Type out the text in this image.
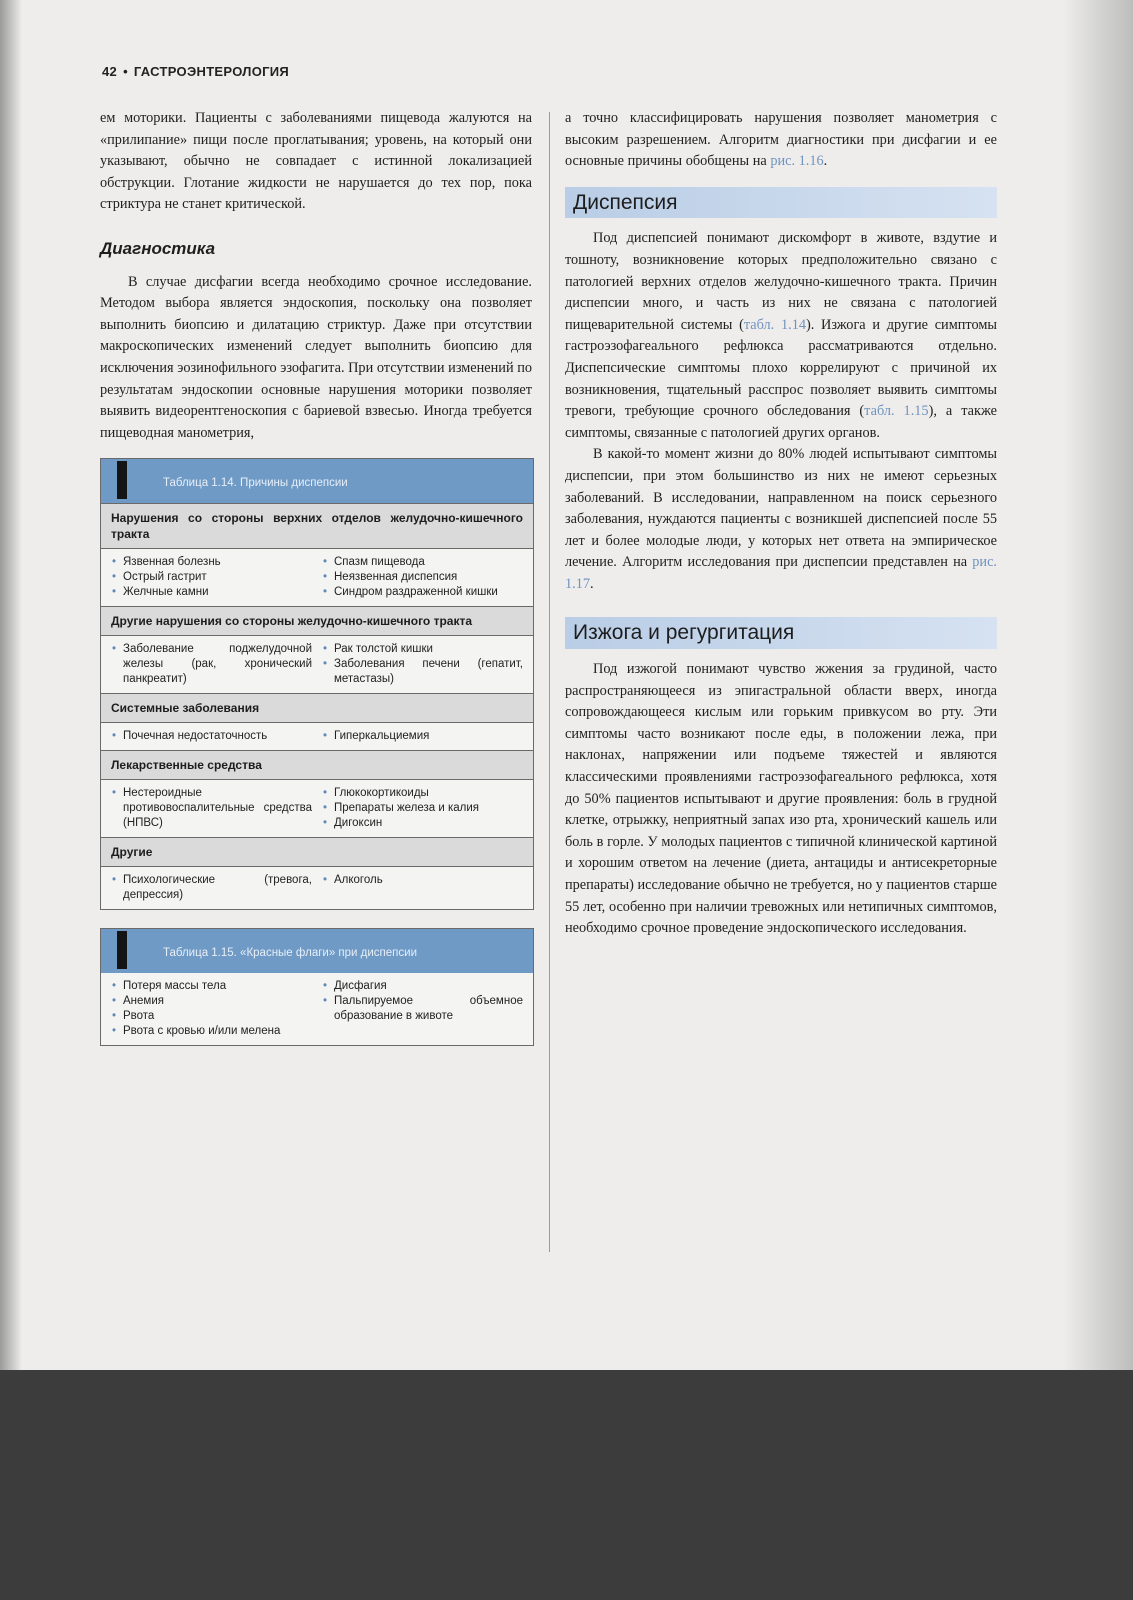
42 • ГАСТРОЭНТЕРОЛОГИЯ

ем моторики. Пациенты с заболеваниями пищевода жалуются на «прилипание» пищи после проглатывания; уровень, на который они указывают, обычно не совпадает с истинной локализацией обструкции. Глотание жидкости не нарушается до тех пор, пока стриктура не станет критической.

Диагностика

В случае дисфагии всегда необходимо срочное исследование. Методом выбора является эндоскопия, поскольку она позволяет выполнить биопсию и дилатацию стриктур. Даже при отсутствии макроскопических изменений следует выполнить биопсию для исключения эозинофильного эзофагита. При отсутствии изменений по результатам эндоскопии основные нарушения моторики позволяет выявить видеорентгеноскопия с бариевой взвесью. Иногда требуется пищеводная манометрия,

Таблица 1.14. Причины диспепсии
Нарушения со стороны верхних отделов желудочно-кишечного тракта
• Язвенная болезнь
• Острый гастрит
• Желчные камни
• Спазм пищевода
• Неязвенная диспепсия
• Синдром раздраженной кишки
Другие нарушения со стороны желудочно-кишечного тракта
• Заболевание поджелудочной железы (рак, хронический панкреатит)
• Рак толстой кишки
• Заболевания печени (гепатит, метастазы)
Системные заболевания
• Почечная недостаточность
•	Гиперкальциемия
Лекарственные средства
• Нестероидные противовоспалительные средства (НПВС)
• Глюкокортикоиды
• Препараты железа и калия
• Дигоксин
Другие
• Психологические (тревога, депрессия)
• Алкоголь
Таблица 1.15. «Красные флаги» при диспепсии
• Потеря массы тела
• Анемия
• Рвота
• Рвота с кровью и/или мелена
• Дисфагия
• Пальпируемое объемное образование в животе

а точно классифицировать нарушения позволяет манометрия с высоким разрешением. Алгоритм диагностики при дисфагии и ее основные причины обобщены на рис. 1.16.

Диспепсия

Под диспепсией понимают дискомфорт в животе, вздутие и тошноту, возникновение которых предположительно связано с патологией верхних отделов желудочно-кишечного тракта. Причин диспепсии много, и часть из них не связана с патологией пищеварительной системы (табл. 1.14). Изжога и другие симптомы гастроэзофагеального рефлюкса рассматриваются отдельно. Диспепсические симптомы плохо коррелируют с причиной их возникновения, тщательный расспрос позволяет выявить симптомы тревоги, требующие срочного обследования (табл. 1.15), а также симптомы, связанные с патологией других органов.

В какой-то момент жизни до 80% людей испытывают симптомы диспепсии, при этом большинство из них не имеют серьезных заболеваний. В исследовании, направленном на поиск серьезного заболевания, нуждаются пациенты с возникшей диспепсией после 55 лет и более молодые люди, у которых нет ответа на эмпирическое лечение. Алгоритм исследования при диспепсии представлен на рис. 1.17.

Изжога и регургитация

Под изжогой понимают чувство жжения за грудиной, часто распространяющееся из эпигастральной области вверх, иногда сопровождающееся кислым или горьким привкусом во рту. Эти симптомы часто возникают после еды, в положении лежа, при наклонах, напряжении или подъеме тяжестей и являются классическими проявлениями гастроэзофагеального рефлюкса, хотя до 50% пациентов испытывают и другие проявления: боль в грудной клетке, отрыжку, неприятный запах изо рта, хронический кашель или боль в горле. У молодых пациентов с типичной клинической картиной и хорошим ответом на лечение (диета, антациды и антисекреторные препараты) исследование обычно не требуется, но у пациентов старше 55 лет, особенно при наличии тревожных или нетипичных симптомов, необходимо срочное проведение эндоскопического исследования.
